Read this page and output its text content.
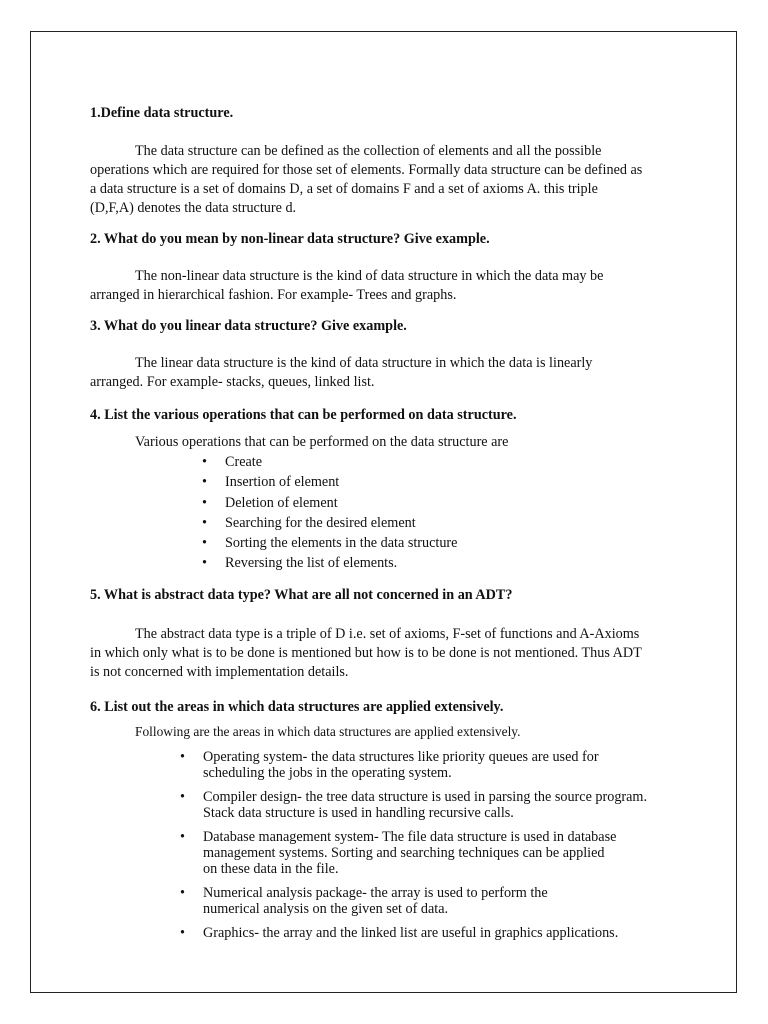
1.Define data structure.

The data structure can be defined as the collection of elements and all the possible
operations which are required for those set of elements. Formally data structure can be defined as
a data structure is a set of domains D, a set of domains F and a set of axioms A. this triple
(D,F,A) denotes the data structure d.

2. What do you mean by non-linear data structure? Give example.

The non-linear data structure is the kind of data structure in which the data may be
arranged in hierarchical fashion. For example- Trees and graphs.

3. What do you linear data structure? Give example.

The linear data structure is the kind of data structure in which the data is linearly
arranged. For example- stacks, queues, linked list.

4. List the various operations that can be performed on data structure.

Various operations that can be performed on the data structure are

• Create
• Insertion of element
• Deletion of element
• Searching for the desired element
• Sorting the elements in the data structure
• Reversing the list of elements.

5. What is abstract data type? What are all not concerned in an ADT?

The abstract data type is a triple of D i.e. set of axioms, F-set of functions and A-Axioms
in which only what is to be done is mentioned but how is to be done is not mentioned. Thus ADT
is not concerned with implementation details.

6. List out the areas in which data structures are applied extensively.

Following are the areas in which data structures are applied extensively.

• Operating system- the data structures like priority queues are used for
scheduling the jobs in the operating system.
• Compiler design- the tree data structure is used in parsing the source program.
Stack data structure is used in handling recursive calls.
• Database management system- The file data structure is used in database
management systems. Sorting and searching techniques can be applied
on these data in the file.
• Numerical analysis package- the array is used to perform the
numerical analysis on the given set of data.
• Graphics- the array and the linked list are useful in graphics applications.
